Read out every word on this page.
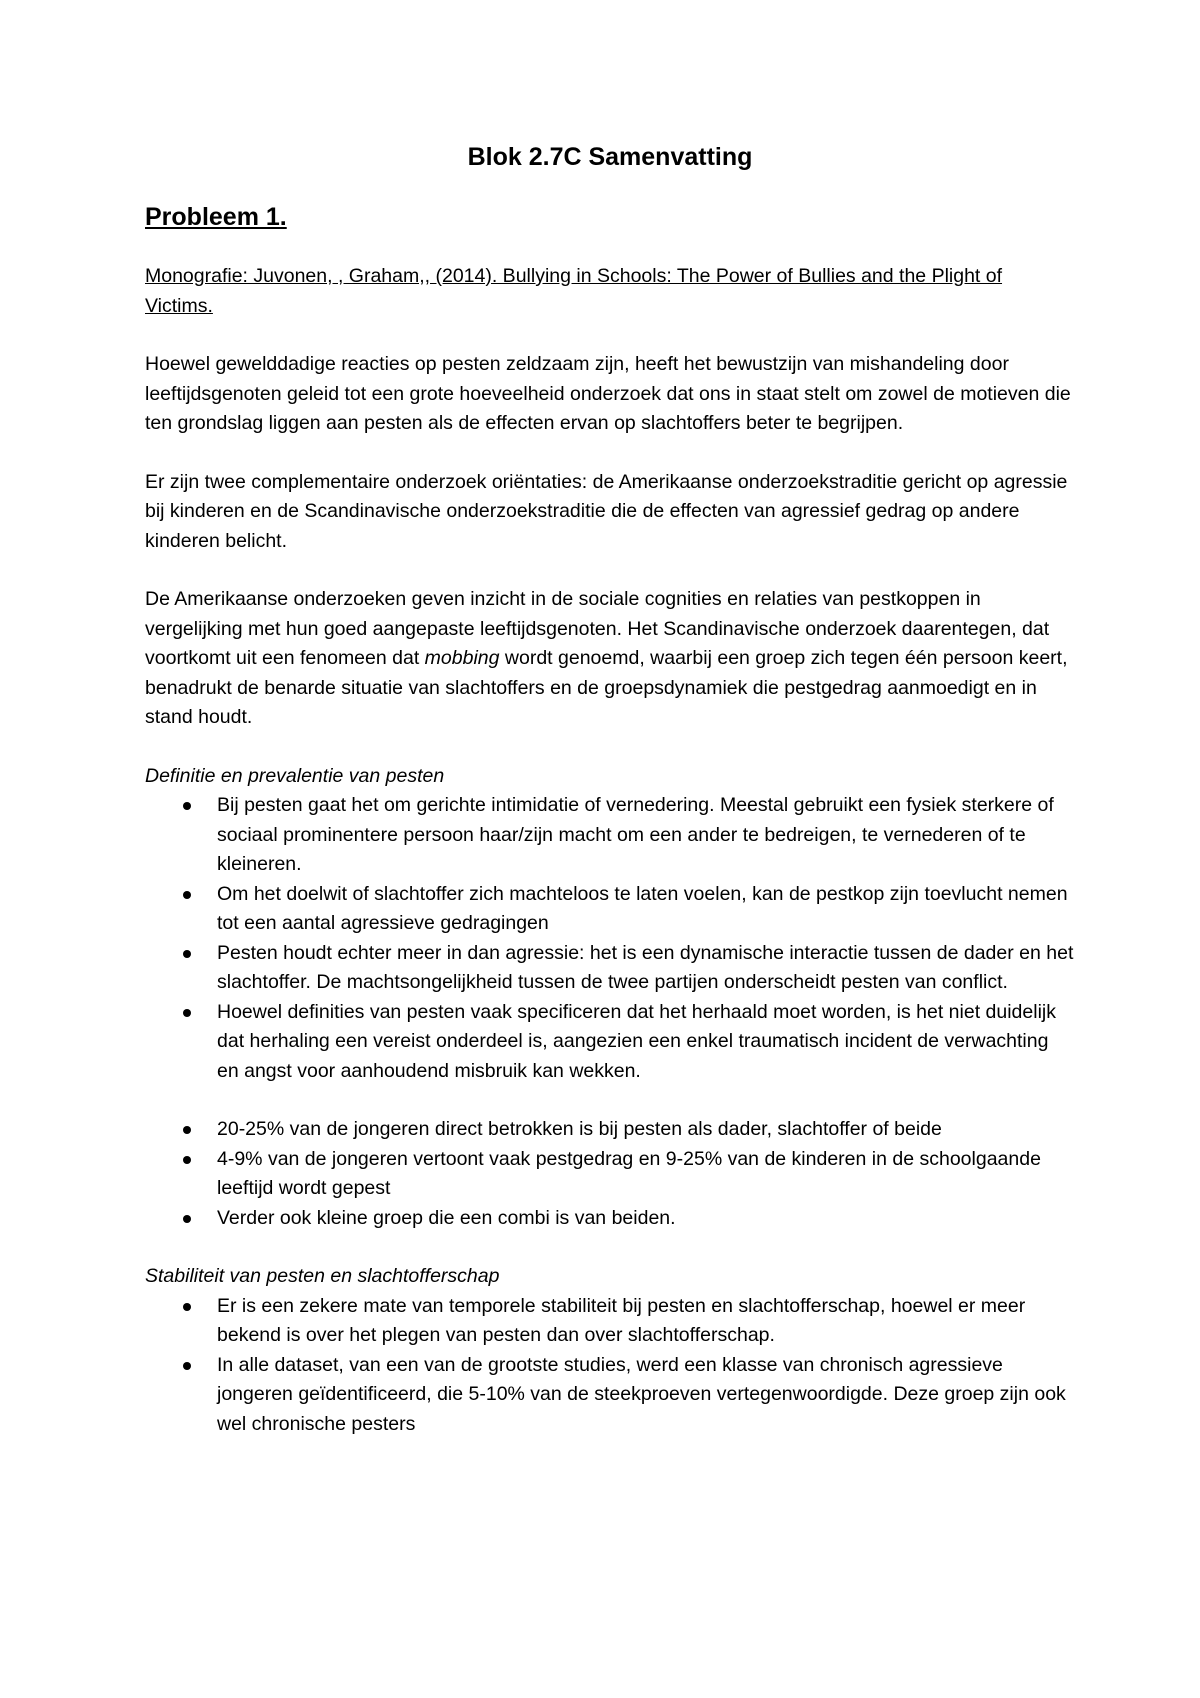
Blok 2.7C Samenvatting
Probleem 1.
Monografie: Juvonen, , Graham,, (2014). Bullying in Schools: The Power of Bullies and the Plight of Victims.

Hoewel gewelddadige reacties op pesten zeldzaam zijn, heeft het bewustzijn van mishandeling door leeftijdsgenoten geleid tot een grote hoeveelheid onderzoek dat ons in staat stelt om zowel de motieven die ten grondslag liggen aan pesten als de effecten ervan op slachtoffers beter te begrijpen.

Er zijn twee complementaire onderzoek oriëntaties: de Amerikaanse onderzoekstraditie gericht op agressie bij kinderen en de Scandinavische onderzoekstraditie die de effecten van agressief gedrag op andere kinderen belicht.

De Amerikaanse onderzoeken geven inzicht in de sociale cognities en relaties van pestkoppen in vergelijking met hun goed aangepaste leeftijdsgenoten. Het Scandinavische onderzoek daarentegen, dat voortkomt uit een fenomeen dat mobbing wordt genoemd, waarbij een groep zich tegen één persoon keert, benadrukt de benarde situatie van slachtoffers en de groepsdynamiek die pestgedrag aanmoedigt en in stand houdt.

Definitie en prevalentie van pesten
Bij pesten gaat het om gerichte intimidatie of vernedering. Meestal gebruikt een fysiek sterkere of sociaal prominentere persoon haar/zijn macht om een ander te bedreigen, te vernederen of te kleineren.
Om het doelwit of slachtoffer zich machteloos te laten voelen, kan de pestkop zijn toevlucht nemen tot een aantal agressieve gedragingen
Pesten houdt echter meer in dan agressie: het is een dynamische interactie tussen de dader en het slachtoffer. De machtsongelijkheid tussen de twee partijen onderscheidt pesten van conflict.
Hoewel definities van pesten vaak specificeren dat het herhaald moet worden, is het niet duidelijk dat herhaling een vereist onderdeel is, aangezien een enkel traumatisch incident de verwachting en angst voor aanhoudend misbruik kan wekken.
20-25% van de jongeren direct betrokken is bij pesten als dader, slachtoffer of beide
4-9% van de jongeren vertoont vaak pestgedrag en 9-25% van de kinderen in de schoolgaande leeftijd wordt gepest
Verder ook kleine groep die een combi is van beiden.
Stabiliteit van pesten en slachtofferschap
Er is een zekere mate van temporele stabiliteit bij pesten en slachtofferschap, hoewel er meer bekend is over het plegen van pesten dan over slachtofferschap.
In alle dataset, van een van de grootste studies, werd een klasse van chronisch agressieve jongeren geïdentificeerd, die 5-10% van de steekproeven vertegenwoordigde. Deze groep zijn ook wel chronische pesters
